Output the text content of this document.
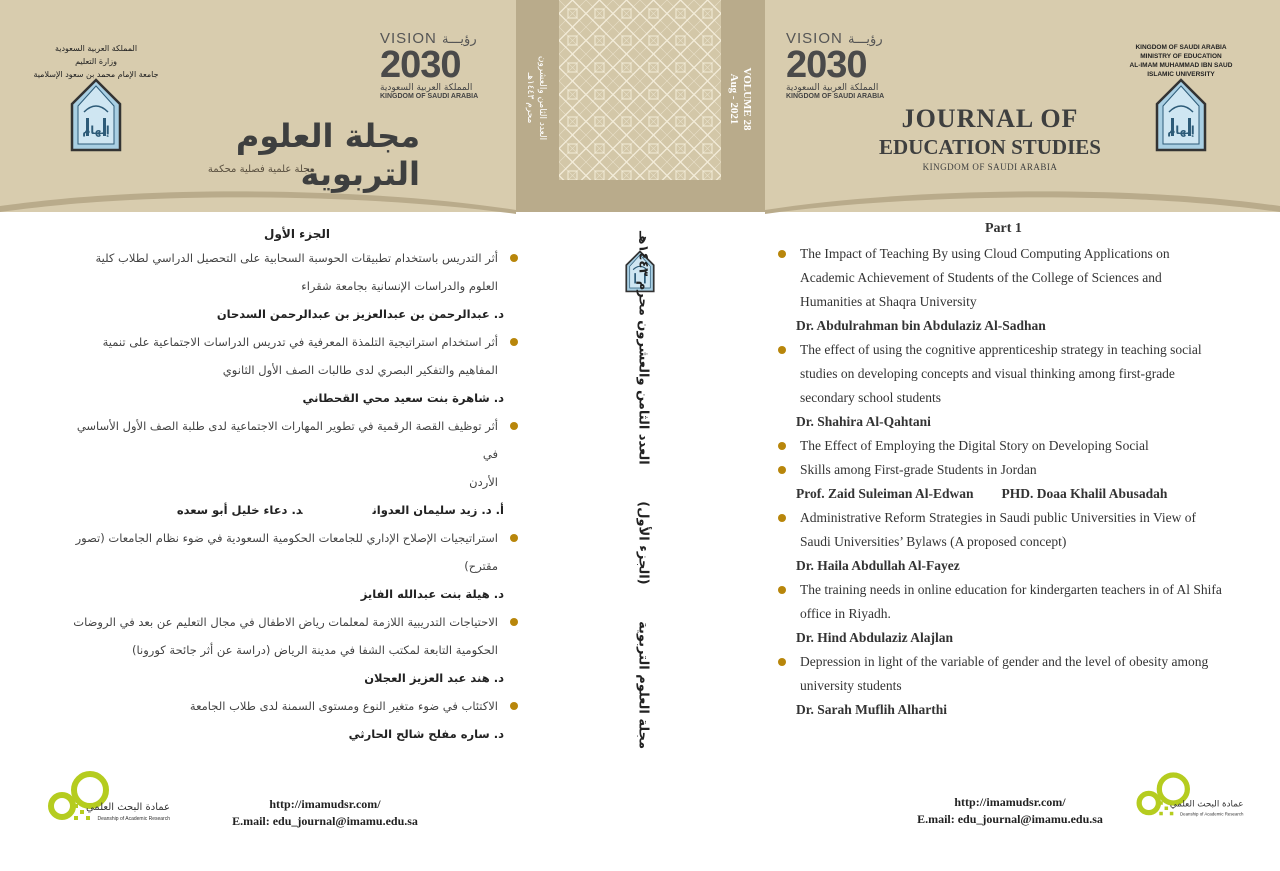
العدد الثامن والعشرون
محرم ١٤٤٣هـ	VOLUME 28
Aug - 2021
VISION رؤيـــة
2030
المملكة العربية السعودية
KINGDOM OF SAUDI ARABIA
VISION رؤيـــة
2030
المملكة العربية السعودية
KINGDOM OF SAUDI ARABIA
المملكة العربية السعودية
وزارة التعليم
جامعة الإمام محمد بن سعود الإسلامية
KINGDOM OF SAUDI ARABIA
MINISTRY OF EDUCATION
AL-IMAM MUHAMMAD IBN SAUD
ISLAMIC UNIVERSITY
إلهام	إلهام
مجلة العلوم التربوية
مجلة علمية فصلية محكمة
JOURNAL OF
EDUCATION STUDIES
KINGDOM OF SAUDI ARABIA
Part 1
الجزء الأول
The Impact of Teaching By using Cloud Computing Applications on
Academic Achievement of Students of the College of Sciences and
Humanities at Shaqra University
Dr. Abdulrahman bin Abdulaziz Al-Sadhan
The effect of using the cognitive apprenticeship strategy in teaching social
studies on developing concepts and visual thinking among first-grade
secondary school students
Dr. Shahira Al-Qahtani
The Effect of Employing the Digital Story on Developing Social
Skills among First-grade Students in Jordan
Prof. Zaid Suleiman Al-Edwan PHD. Doaa Khalil Abusadah
Administrative Reform Strategies in Saudi public Universities in View of
Saudi Universities’ Bylaws (A proposed concept)
Dr. Haila Abdullah Al-Fayez
The training needs in online education for kindergarten teachers in of Al Shifa
office in Riyadh.
Dr. Hind Abdulaziz Alajlan
Depression in light of the variable of gender and the level of obesity among
university students
Dr. Sarah Muflih Alharthi
أثر التدريس باستخدام تطبيقات الحوسبة السحابية على التحصيل الدراسي لطلاب كلية
العلوم والدراسات الإنسانية بجامعة شقراء
د. عبدالرحمن بن عبدالعزيز بن عبدالرحمن السدحان
أثر استخدام استراتيجية التلمذة المعرفية في تدريس الدراسات الاجتماعية على تنمية
المفاهيم والتفكير البصري لدى طالبات الصف الأول الثانوي
د. شاهرة بنت سعيد محي القحطاني
أثر توظيف القصة الرقمية في تطوير المهارات الاجتماعية لدى طلبة الصف الأول الأساسي في
الأردن
أ. د. زيد سليمان العدواند. دعاء خليل أبو سعده
استراتيجيات الإصلاح الإداري للجامعات الحكومية السعودية في ضوء نظام الجامعات (تصور
مقترح)
د. هيلة بنت عبدالله الفايز
الاحتياجات التدريبية اللازمة لمعلمات رياض الاطفال في مجال التعليم عن بعد في الروضات
الحكومية التابعة لمكتب الشفا في مدينة الرياض (دراسة عن أثر جائحة كورونا)
د. هند عبد العزيز العجلان
الاكتئاب في ضوء متغير النوع ومستوى السمنة لدى طلاب الجامعة
د. ساره مفلح شالح الحارثي	مجلة العلوم التربوية (الجزء الأول) العدد الثامن والعشرون محرم ١٤٤٣هـ
عمادة البحث العلمي
Deanship of Academic Research
عمادة البحث العلمي
Deanship of Academic Research
http://imamudsr.com/
E.mail: edu_journal@imamu.edu.sa
http://imamudsr.com/
E.mail: edu_journal@imamu.edu.sa
